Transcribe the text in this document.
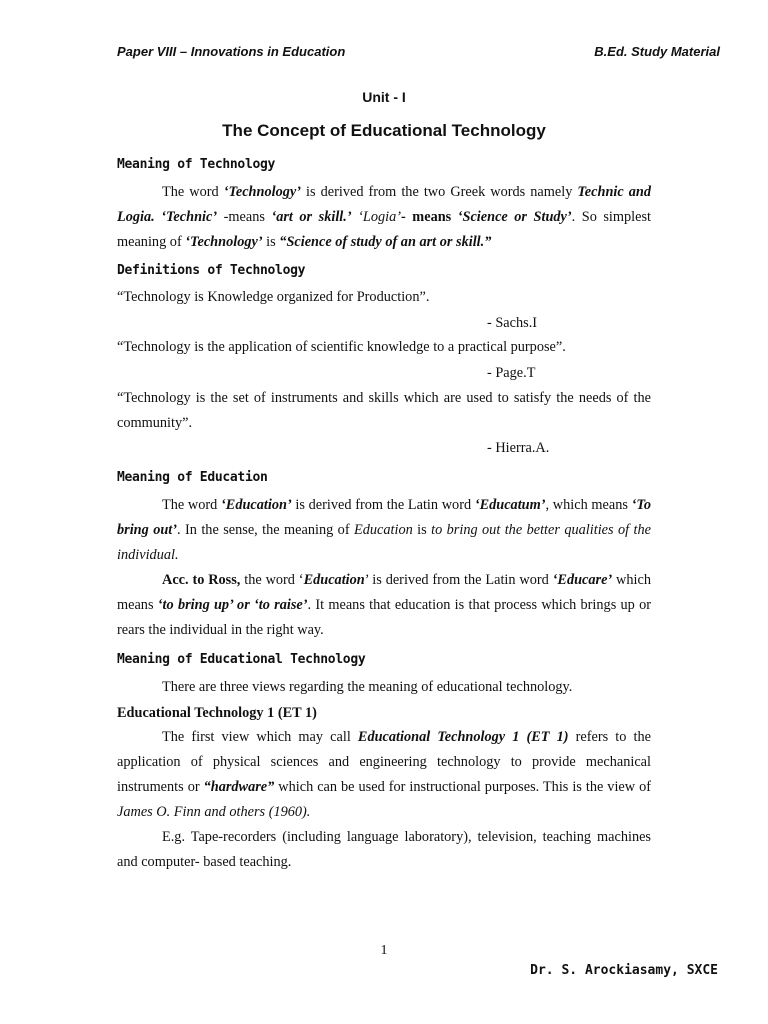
Paper VIII – Innovations in Education	B.Ed. Study Material
Unit - I
The Concept of Educational Technology
Meaning of Technology

The word ‘Technology’ is derived from the two Greek words namely Technic and Logia. ‘Technic’ -means ‘art or skill.’ ‘Logia’- means ‘Science or Study’. So simplest meaning of ‘Technology’ is “Science of study of an art or skill.”

Definitions of Technology
“Technology is Knowledge organized for Production”.
- Sachs.I
“Technology is the application of scientific knowledge to a practical purpose”.
- Page.T

“Technology is the set of instruments and skills which are used to satisfy the needs of the community”.

- Hierra.A.
Meaning of Education

The word ‘Education’ is derived from the Latin word ‘Educatum’, which means ‘To bring out’. In the sense, the meaning of Education is to bring out the better qualities of the individual.

Acc. to Ross, the word ‘Education’ is derived from the Latin word ‘Educare’ which means ‘to bring up’ or ‘to raise’. It means that education is that process which brings up or rears the individual in the right way.

Meaning of Educational Technology

There are three views regarding the meaning of educational technology.

Educational Technology 1 (ET 1)

The first view which may call Educational Technology 1 (ET 1) refers to the application of physical sciences and engineering technology to provide mechanical instruments or “hardware” which can be used for instructional purposes. This is the view of James O. Finn and others (1960).

E.g. Tape-recorders (including language laboratory), television, teaching machines and computer- based teaching.

1
Dr. S. Arockiasamy, SXCE
